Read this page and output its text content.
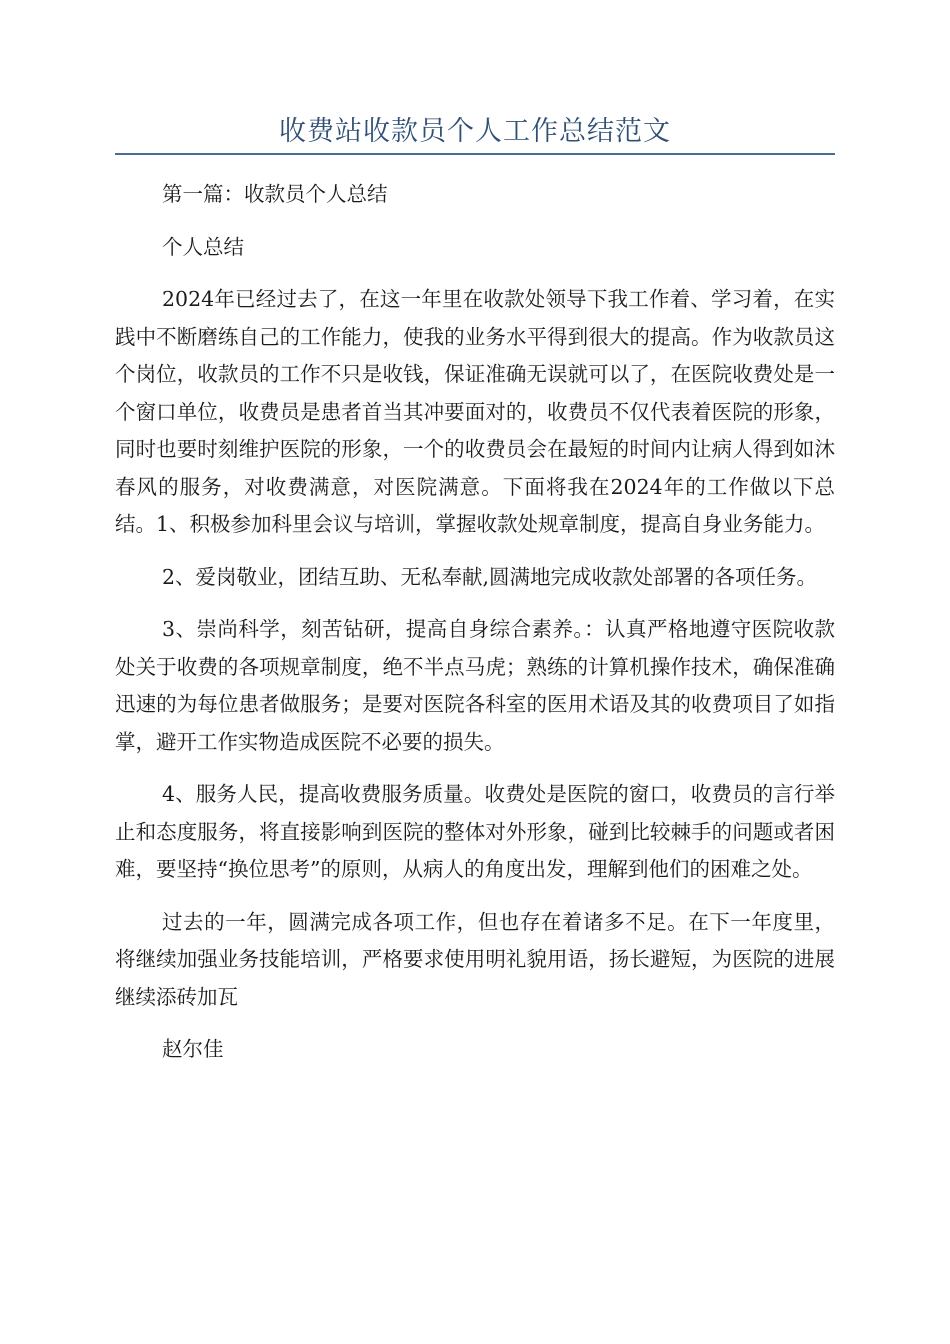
收费站收款员个人工作总结范文

第一篇：收款员个人总结

个人总结

2024年已经过去了，在这一年里在收款处领导下我工作着、学习着，在实践中不断磨练自己的工作能力，使我的业务水平得到很大的提高。作为收款员这个岗位，收款员的工作不只是收钱，保证准确无误就可以了，在医院收费处是一个窗口单位，收费员是患者首当其冲要面对的，收费员不仅代表着医院的形象，同时也要时刻维护医院的形象，一个的收费员会在最短的时间内让病人得到如沐春风的服务，对收费满意，对医院满意。下面将我在2024年的工作做以下总结。1、积极参加科里会议与培训，掌握收款处规章制度，提高自身业务能力。

2、爱岗敬业，团结互助、无私奉献,圆满地完成收款处部署的各项任务。

3、崇尚科学，刻苦钻研，提高自身综合素养。：认真严格地遵守医院收款处关于收费的各项规章制度，绝不半点马虎；熟练的计算机操作技术，确保准确迅速的为每位患者做服务；是要对医院各科室的医用术语及其的收费项目了如指掌，避开工作实物造成医院不必要的损失。

4、服务人民，提高收费服务质量。收费处是医院的窗口，收费员的言行举止和态度服务，将直接影响到医院的整体对外形象，碰到比较棘手的问题或者困难，要坚持“换位思考”的原则，从病人的角度出发，理解到他们的困难之处。

过去的一年，圆满完成各项工作，但也存在着诸多不足。在下一年度里，将继续加强业务技能培训，严格要求使用明礼貌用语，扬长避短，为医院的进展继续添砖加瓦

赵尔佳
